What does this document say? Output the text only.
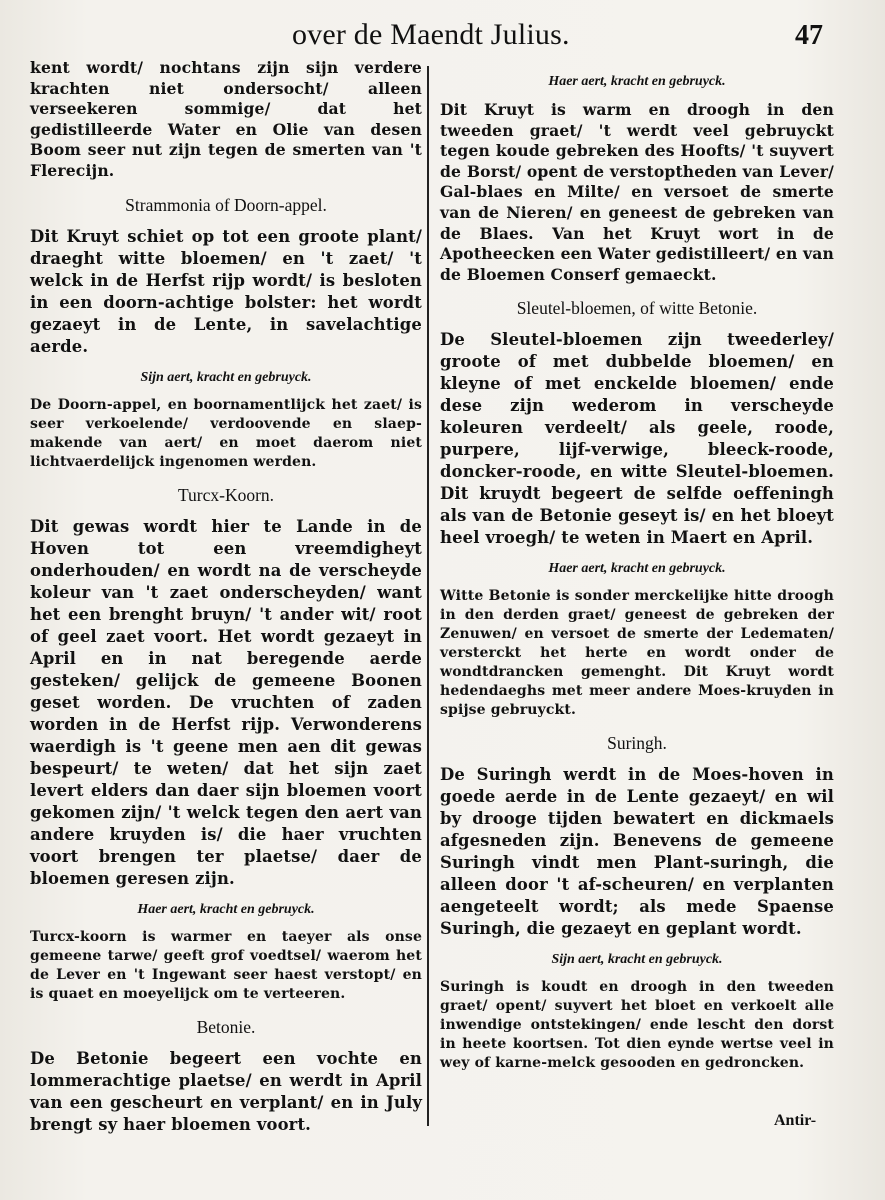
over de Maendt Julius.	47

kent wordt/ nochtans zijn sijn verdere krachten niet ondersocht/ alleen verseekeren sommige/ dat het gedistilleerde Water en Olie van desen Boom seer nut zijn tegen de smerten van 't Flerecijn.

Strammonia of Doorn-appel.

Dit Kruyt schiet op tot een groote plant/ draeght witte bloemen/ en 't zaet/ 't welck in de Herfst rijp wordt/ is besloten in een doorn-achtige bolster: het wordt gezaeyt in de Lente, in savelachtige aerde.

Sijn aert, kracht en gebruyck.

De Doorn-appel, en boornamentlijck het zaet/ is seer verkoelende/ verdoovende en slaep-makende van aert/ en moet daerom niet lichtvaerdelijck ingenomen werden.

Turcx-Koorn.

Dit gewas wordt hier te Lande in de Hoven tot een vreemdigheyt onderhouden/ en wordt na de verscheyde koleur van 't zaet onderscheyden/ want het een brenght bruyn/ 't ander wit/ root of geel zaet voort. Het wordt gezaeyt in April en in nat beregende aerde gesteken/ gelijck de gemeene Boonen geset worden. De vruchten of zaden worden in de Herfst rijp. Verwonderens waerdigh is 't geene men aen dit gewas bespeurt/ te weten/ dat het sijn zaet levert elders dan daer sijn bloemen voort gekomen zijn/ 't welck tegen den aert van andere kruyden is/ die haer vruchten voort brengen ter plaetse/ daer de bloemen geresen zijn.

Haer aert, kracht en gebruyck.

Turcx-koorn is warmer en taeyer als onse gemeene tarwe/ geeft grof voedtsel/ waerom het de Lever en 't Ingewant seer haest verstopt/ en is quaet en moeyelijck om te verteeren.

Betonie.

De Betonie begeert een vochte en lommerachtige plaetse/ en werdt in April van een gescheurt en verplant/ en in July brengt sy haer bloemen voort.

Haer aert, kracht en gebruyck.

Dit Kruyt is warm en droogh in den tweeden graet/ 't werdt veel gebruyckt tegen koude gebreken des Hoofts/ 't suyvert de Borst/ opent de verstoptheden van Lever/ Gal-blaes en Milte/ en versoet de smerte van de Nieren/ en geneest de gebreken van de Blaes. Van het Kruyt wort in de Apotheecken een Water gedistilleert/ en van de Bloemen Conserf gemaeckt.

Sleutel-bloemen, of witte Betonie.

De Sleutel-bloemen zijn tweederley/ groote of met dubbelde bloemen/ en kleyne of met enckelde bloemen/ ende dese zijn wederom in verscheyde koleuren verdeelt/ als geele, roode, purpere, lijf-verwige, bleeck-roode, doncker-roode, en witte Sleutel-bloemen. Dit kruydt begeert de selfde oeffeningh als van de Betonie geseyt is/ en het bloeyt heel vroegh/ te weten in Maert en April.

Haer aert, kracht en gebruyck.

Witte Betonie is sonder merckelijke hitte droogh in den derden graet/ geneest de gebreken der Zenuwen/ en versoet de smerte der Ledematen/ versterckt het herte en wordt onder de wondtdrancken gemenght. Dit Kruyt wordt hedendaeghs met meer andere Moes-kruyden in spijse gebruyckt.

Suringh.

De Suringh werdt in de Moes-hoven in goede aerde in de Lente gezaeyt/ en wil by drooge tijden bewatert en dickmaels afgesneden zijn. Benevens de gemeene Suringh vindt men Plant-suringh, die alleen door 't af-scheuren/ en verplanten aengeteelt wordt; als mede Spaense Suringh, die gezaeyt en geplant wordt.

Sijn aert, kracht en gebruyck.

Suringh is koudt en droogh in den tweeden graet/ opent/ suyvert het bloet en verkoelt alle inwendige ontstekingen/ ende lescht den dorst in heete koortsen. Tot dien eynde wertse veel in wey of karne-melck gesooden en gedroncken.

Antir-
